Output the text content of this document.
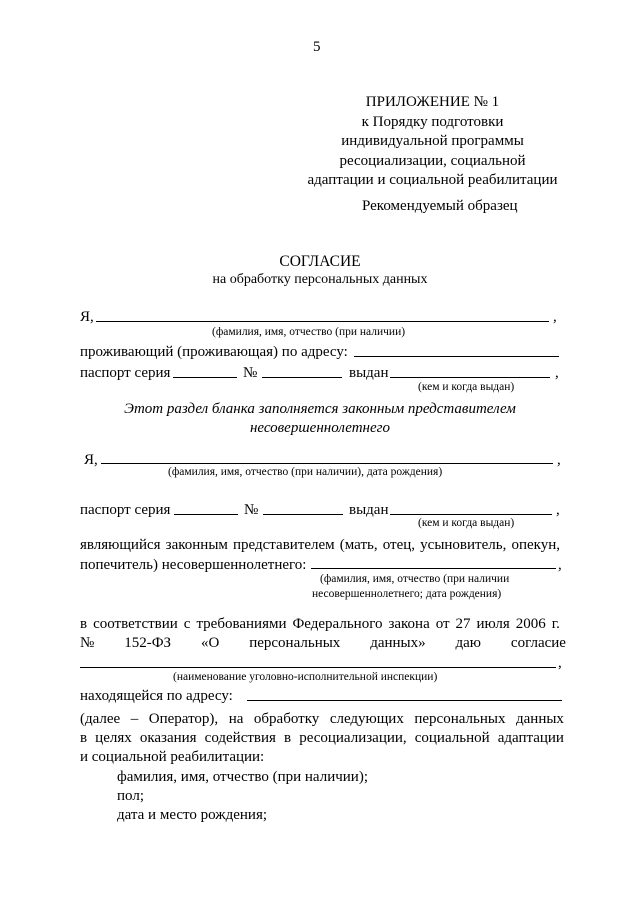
5
ПРИЛОЖЕНИЕ № 1
к Порядку подготовки
индивидуальной программы
ресоциализации, социальной
адаптации и социальной реабилитации
Рекомендуемый образец
СОГЛАСИЕ
на обработку персональных данных
Я,	,
(фамилия, имя, отчество (при наличии)
проживающий (проживающая) по адресу:
паспорт серия	№	выдан	,
(кем и когда выдан)
Этот раздел бланка заполняется законным представителем
несовершеннолетнего
Я,	,
(фамилия, имя, отчество (при наличии), дата рождения)
паспорт серия	№	выдан	,
(кем и когда выдан)
являющийся законным представителем (мать, отец, усыновитель, опекун,
попечитель) несовершеннолетнего:	,
(фамилия, имя, отчество (при наличии
несовершеннолетнего; дата рождения)
в соответствии с требованиями Федерального закона от 27 июля 2006 г.
№ 152-ФЗ «О персональных данных» даю согласие
,
(наименование уголовно-исполнительной инспекции)
находящейся по адресу:
(далее – Оператор), на обработку следующих персональных данных
в целях оказания содействия в ресоциализации, социальной адаптации
и социальной реабилитации:
фамилия, имя, отчество (при наличии);
пол;
дата и место рождения;
